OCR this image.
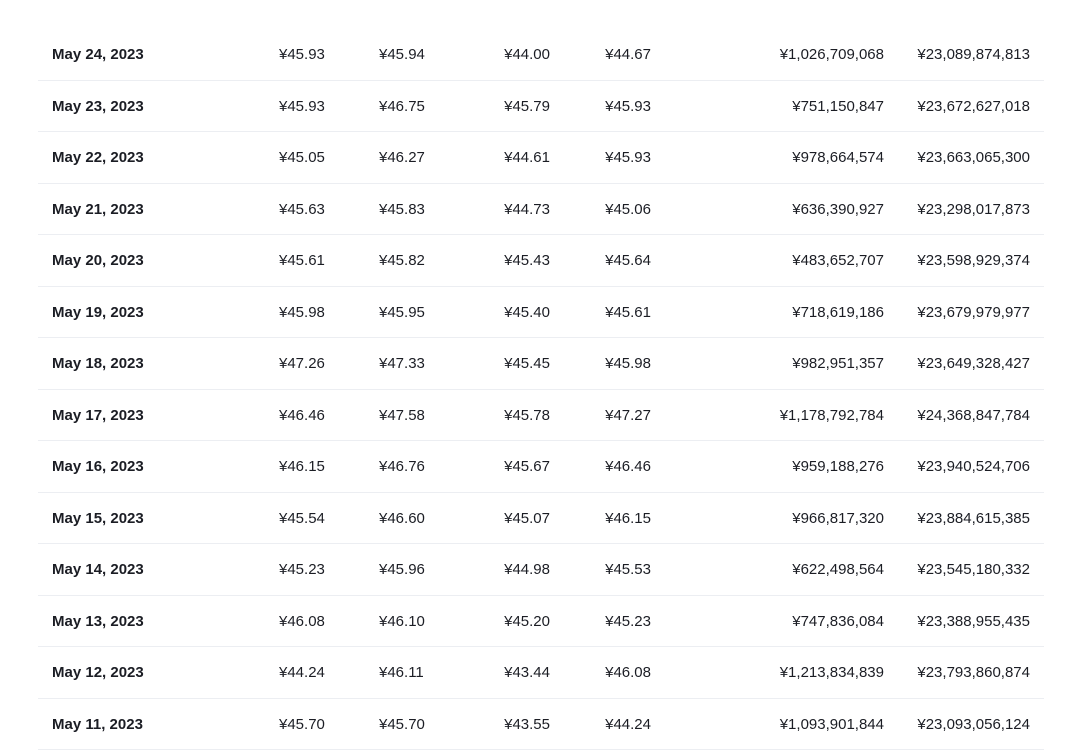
May 24, 2023	¥45.93	¥45.94	¥44.00	¥44.67	¥1,026,709,068 ¥23,089,874,813
May 23, 2023	¥45.93	¥46.75	¥45.79	¥45.93	¥751,150,847 ¥23,672,627,018
May 22, 2023	¥45.05	¥46.27	¥44.61	¥45.93	¥978,664,574 ¥23,663,065,300
May 21, 2023	¥45.63	¥45.83	¥44.73	¥45.06	¥636,390,927 ¥23,298,017,873
May 20, 2023	¥45.61	¥45.82	¥45.43	¥45.64	¥483,652,707 ¥23,598,929,374
May 19, 2023	¥45.98	¥45.95	¥45.40	¥45.61	¥718,619,186 ¥23,679,979,977
May 18, 2023	¥47.26	¥47.33	¥45.45	¥45.98	¥982,951,357 ¥23,649,328,427
May 17, 2023	¥46.46	¥47.58	¥45.78	¥47.27	¥1,178,792,784 ¥24,368,847,784
May 16, 2023	¥46.15	¥46.76	¥45.67	¥46.46	¥959,188,276 ¥23,940,524,706
May 15, 2023	¥45.54	¥46.60	¥45.07	¥46.15	¥966,817,320 ¥23,884,615,385
May 14, 2023	¥45.23	¥45.96	¥44.98	¥45.53	¥622,498,564 ¥23,545,180,332
May 13, 2023	¥46.08	¥46.10	¥45.20	¥45.23	¥747,836,084 ¥23,388,955,435
May 12, 2023	¥44.24	¥46.11	¥43.44	¥46.08	¥1,213,834,839 ¥23,793,860,874
May 11, 2023	¥45.70	¥45.70	¥43.55	¥44.24	¥1,093,901,844 ¥23,093,056,124
